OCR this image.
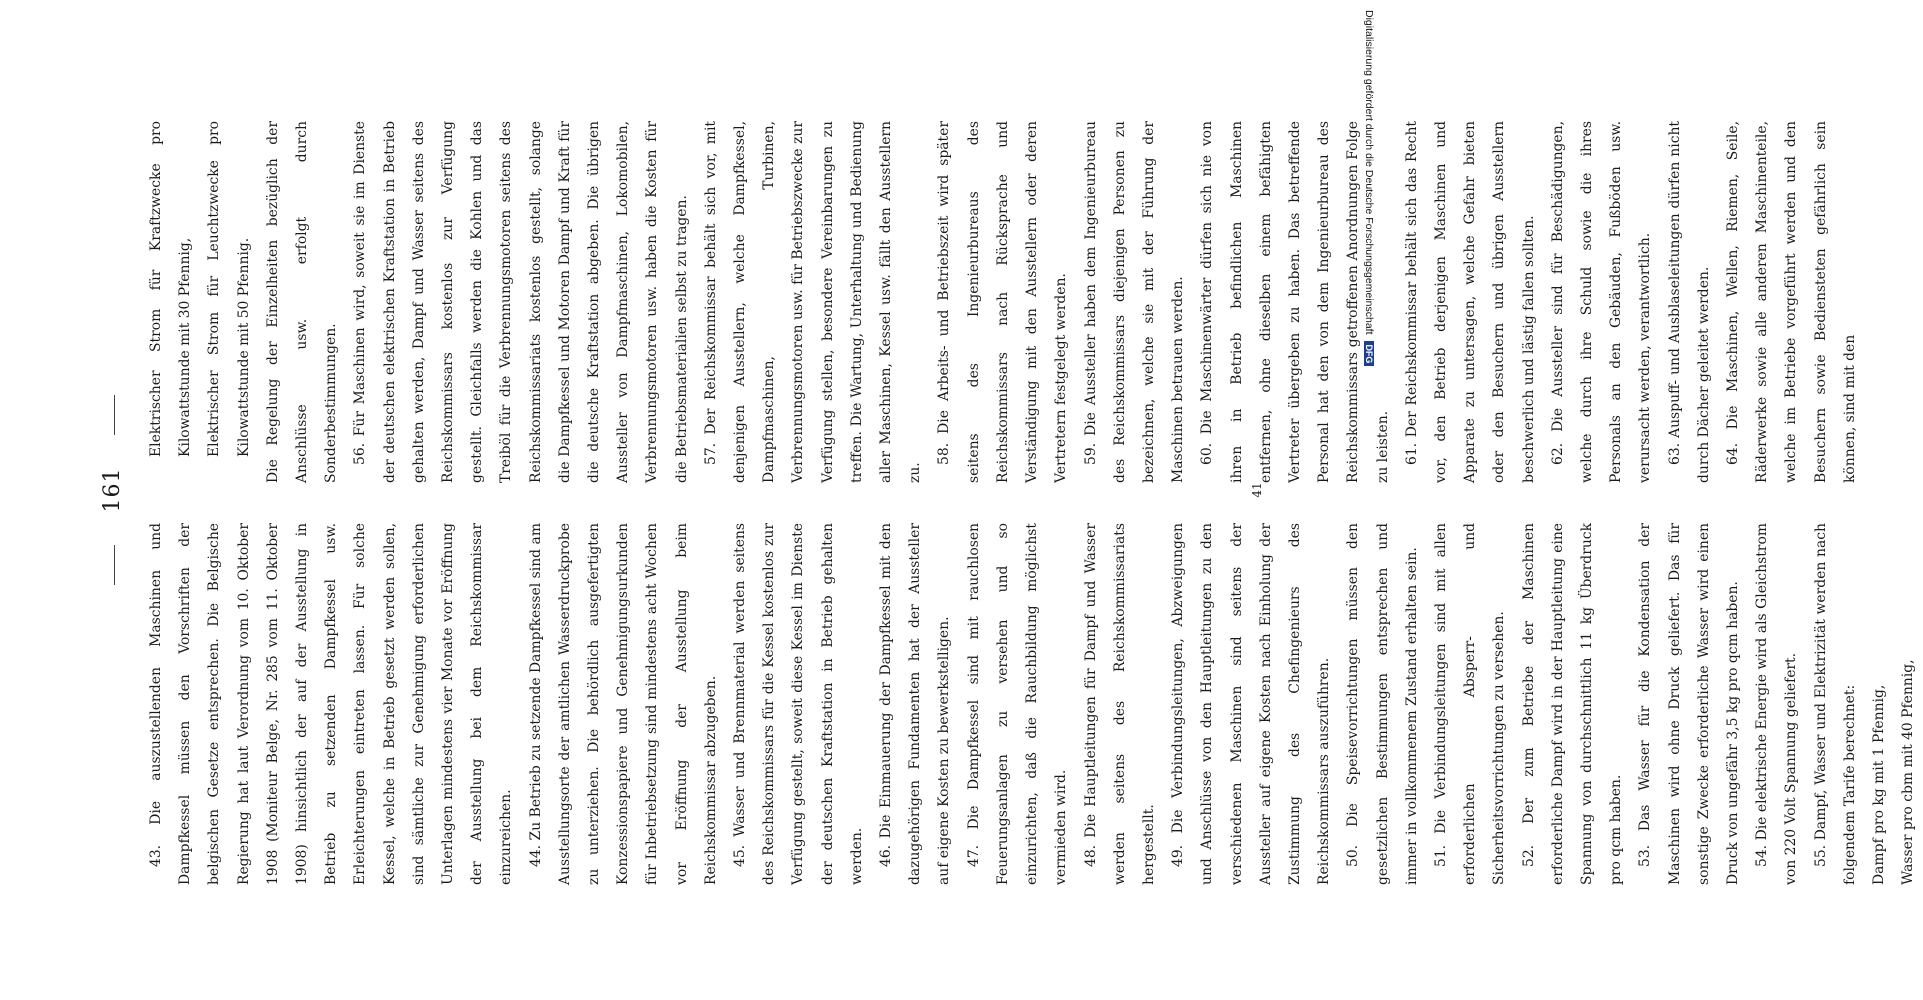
161

43. Die auszustellenden Maschinen und Dampfkessel müssen den Vorschriften der belgischen Gesetze entsprechen. Die Belgische Regierung hat laut Verordnung vom 10. Oktober 1908 (Moniteur Belge, Nr. 285 vom 11. Oktober 1908) hinsichtlich der auf der Ausstellung in Betrieb zu setzenden Dampfkessel usw. Erleichterungen eintreten lassen. Für solche Kessel, welche in Betrieb gesetzt werden sollen, sind sämtliche zur Genehmigung erforderlichen Unterlagen mindestens vier Monate vor Eröffnung der Ausstellung bei dem Reichskommissar einzureichen. 44. Zu Betrieb zu setzende Dampfkessel sind am Ausstellungsorte der amtlichen Wasserdruckprobe zu unterziehen. Die behördlich ausgefertigten Konzessionspapiere und Genehmigungsurkunden für Inbetriebsetzung sind mindestens acht Wochen vor Eröffnung der Ausstellung beim Reichskommissar abzugeben. 45. Wasser und Brennmaterial werden seitens des Reichskommissars für die Kessel kostenlos zur Verfügung gestellt, soweit diese Kessel im Dienste der deutschen Kraftstation in Betrieb gehalten werden. 46. Die Einmauerung der Dampfkessel mit den dazugehörigen Fundamenten hat der Aussteller auf eigene Kosten zu bewerkstelligen. 47. Die Dampfkessel sind mit rauchlosen Feuerungsanlagen zu versehen und so einzurichten, daß die Rauchbildung möglichst vermieden wird. 48. Die Hauptleitungen für Dampf und Wasser werden seitens des Reichskommissariats hergestellt. 49. Die Verbindungsleitungen, Abzweigungen und Anschlüsse von den Hauptleitungen zu den verschiedenen Maschinen sind seitens der Aussteller auf eigene Kosten nach Einholung der Zustimmung des Chefingenieurs des Reichskommissars auszuführen. 50. Die Speisevorrichtungen müssen den gesetzlichen Bestimmungen entsprechen und immer in vollkommenem Zustand erhalten sein. 51. Die Verbindungsleitungen sind mit allen erforderlichen Absperr- und Sicherheitsvorrichtungen zu versehen. 52. Der zum Betriebe der Maschinen erforderliche Dampf wird in der Hauptleitung eine Spannung von durchschnittlich 11 kg Überdruck pro qcm haben. 53. Das Wasser für die Kondensation der Maschinen wird ohne Druck geliefert. Das für sonstige Zwecke erforderliche Wasser wird einen Druck von ungefähr 3,5 kg pro qcm haben. 54. Die elektrische Energie wird als Gleichstrom von 220 Volt Spannung geliefert. 55. Dampf, Wasser und Elektrizität werden nach folgendem Tarife berechnet: Dampf pro kg mit 1 Pfennig, Wasser pro cbm mit 40 Pfennig,

Elektrischer Strom für Kraftzwecke pro Kilowattstunde mit 30 Pfennig, Elektrischer Strom für Leuchtzwecke pro Kilowattstunde mit 50 Pfennig. Die Regelung der Einzelheiten bezüglich der Anschlüsse usw. erfolgt durch Sonderbestimmungen. 56. Für Maschinen wird, soweit sie im Dienste der deutschen elektrischen Kraftstation in Betrieb gehalten werden, Dampf und Wasser seitens des Reichskommissars kostenlos zur Verfügung gestellt. Gleichfalls werden die Kohlen und das Treiböl für die Verbrennungsmotoren seitens des Reichskommissariats kostenlos gestellt, solange die Dampfkessel und Motoren Dampf und Kraft für die deutsche Kraftstation abgeben. Die übrigen Aussteller von Dampfmaschinen, Lokomobilen, Verbrennungsmotoren usw. haben die Kosten für die Betriebsmaterialien selbst zu tragen. 57. Der Reichskommissar behält sich vor, mit denjenigen Ausstellern, welche Dampfkessel, Dampfmaschinen, Turbinen, Verbrennungsmotoren usw. für Betriebszwecke zur Verfügung stellen, besondere Vereinbarungen zu treffen. Die Wartung, Unterhaltung und Bedienung aller Maschinen, Kessel usw. fällt den Ausstellern zu.

58. Die Arbeits- und Betriebszeit wird später seitens des Ingenieurbureaus des Reichskommissars nach Rücksprache und Verständigung mit den Ausstellern oder deren Vertretern festgelegt werden. 59. Die Aussteller haben dem Ingenieurbureau des Reichskommissars diejenigen Personen zu bezeichnen, welche sie mit der Führung der Maschinen betrauen werden. 60. Die Maschinenwärter dürfen sich nie von ihren in Betrieb befindlichen Maschinen entfernen, ohne dieselben einem befähigten Vertreter übergeben zu haben. Das betreffende Personal hat den von dem Ingenieurbureau des Reichskommissars getroffenen Anordnungen Folge zu leisten. 61. Der Reichskommissar behält sich das Recht vor, den Betrieb derjenigen Maschinen und Apparate zu untersagen, welche Gefahr bieten oder den Besuchern und übrigen Ausstellern beschwerlich und lästig fallen sollten. 62. Die Aussteller sind für Beschädigungen, welche durch ihre Schuld sowie die ihres Personals an den Gebäuden, Fußböden usw. verursacht werden, verantwortlich. 63. Auspuff- und Ausblaseleitungen dürfen nicht durch Dächer geleitet werden. 64. Die Maschinen, Wellen, Riemen, Seile, Räderwerke sowie alle anderen Maschinenteile, welche im Betriebe vorgeführt werden und den Besuchern sowie Bediensteten gefährlich sein können, sind mit den

41
Digitalisierung gefördert durch die Deutsche Forschungsgemeinschaft DFG
